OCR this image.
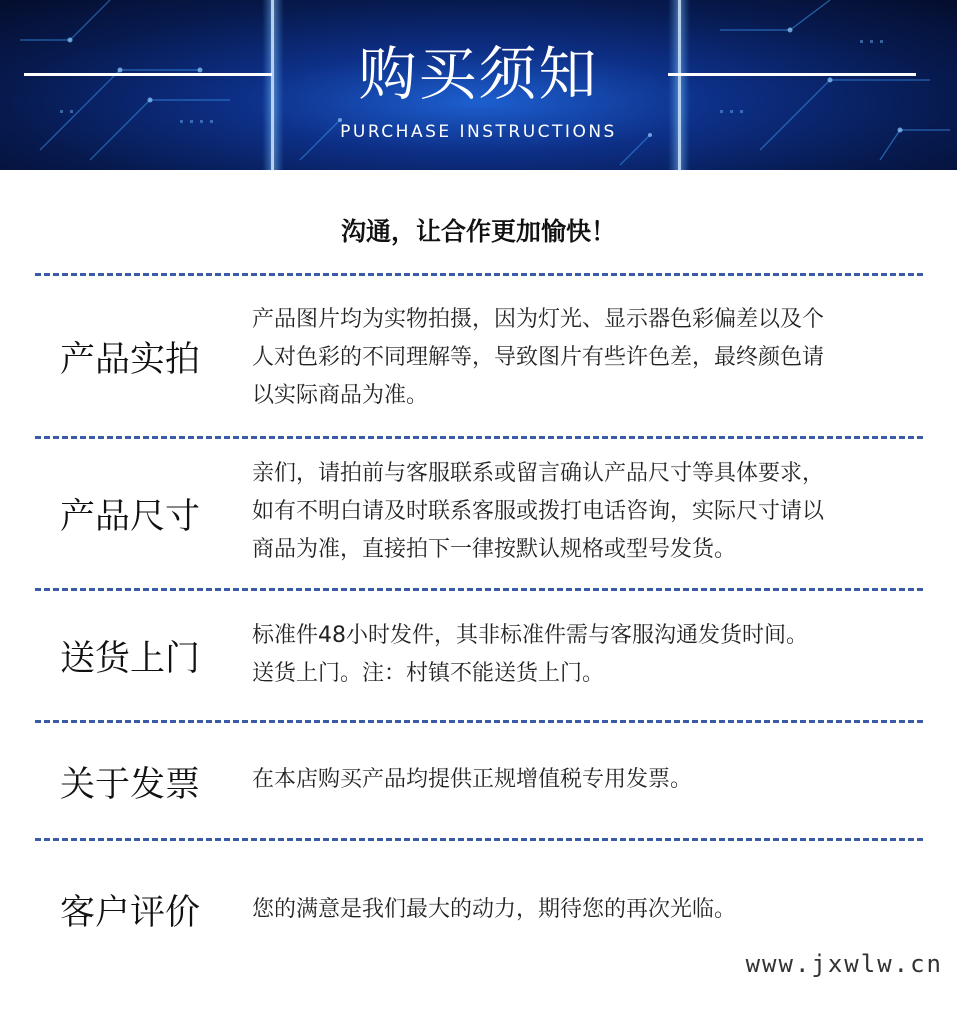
购买须知
PURCHASE INSTRUCTIONS
沟通，让合作更加愉快！
产品实拍
产品图片均为实物拍摄，因为灯光、显示器色彩偏差以及个
人对色彩的不同理解等，导致图片有些许色差，最终颜色请
以实际商品为准。
产品尺寸
亲们，请拍前与客服联系或留言确认产品尺寸等具体要求，
如有不明白请及时联系客服或拨打电话咨询，实际尺寸请以
商品为准，直接拍下一律按默认规格或型号发货。
送货上门
标准件48小时发件，其非标准件需与客服沟通发货时间。
送货上门。注：村镇不能送货上门。
关于发票	在本店购买产品均提供正规增值税专用发票。
客户评价	您的满意是我们最大的动力，期待您的再次光临。
www.jxwlw.cn
